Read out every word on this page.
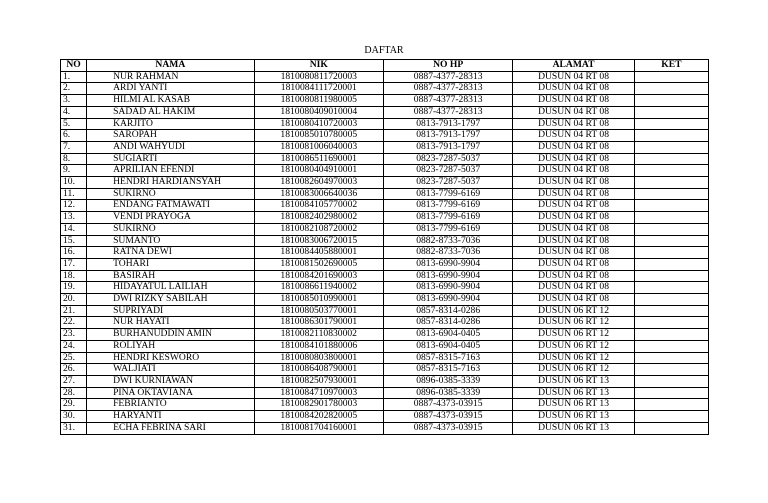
DAFTAR
NO	NAMA	NIK	NO HP	ALAMAT	KET
1.	NUR RAHMAN	1810080811720003	0887-4377-28313	DUSUN 04 RT 08	
2.	ARDI YANTI	1810084111720001	0887-4377-28313	DUSUN 04 RT 08	
3.	HILMI AL KASAB	1810080811980005	0887-4377-28313	DUSUN 04 RT 08	
4.	SADAD AL HAKIM	1810080409010004	0887-4377-28313	DUSUN 04 RT 08	
5.	KARJITO	1810080410720003	0813-7913-1797	DUSUN 04 RT 08	
6.	SAROPAH	1810085010780005	0813-7913-1797	DUSUN 04 RT 08	
7.	ANDI WAHYUDI	1810081006040003	0813-7913-1797	DUSUN 04 RT 08	
8.	SUGIARTI	1810086511690001	0823-7287-5037	DUSUN 04 RT 08	
9.	APRILIAN EFENDI	1810080404910001	0823-7287-5037	DUSUN 04 RT 08	
10.	HENDRI HARDIANSYAH	1810082604970003	0823-7287-5037	DUSUN 04 RT 08	
11.	SUKIRNO	1810083006640036	0813-7799-6169	DUSUN 04 RT 08	
12.	ENDANG FATMAWATI	1810084105770002	0813-7799-6169	DUSUN 04 RT 08	
13.	VENDI PRAYOGA	1810082402980002	0813-7799-6169	DUSUN 04 RT 08	
14.	SUKIRNO	1810082108720002	0813-7799-6169	DUSUN 04 RT 08	
15.	SUMANTO	1810083006720015	0882-8733-7036	DUSUN 04 RT 08	
16.	RATNA DEWI	1810084405880001	0882-8733-7036	DUSUN 04 RT 08	
17.	TOHARI	1810081502690005	0813-6990-9904	DUSUN 04 RT 08	
18.	BASIRAH	1810084201690003	0813-6990-9904	DUSUN 04 RT 08	
19.	HIDAYATUL LAILIAH	1810086611940002	0813-6990-9904	DUSUN 04 RT 08	
20.	DWI RIZKY SABILAH	1810085010990001	0813-6990-9904	DUSUN 04 RT 08	
21.	SUPRIYADI	1810080503770001	0857-8314-0286	DUSUN 06 RT 12	
22.	NUR HAYATI	1810086301790001	0857-8314-0286	DUSUN 06 RT 12	
23.	BURHANUDDIN AMIN	1810082110830002	0813-6904-0405	DUSUN 06 RT 12	
24.	ROLIYAH	1810084101880006	0813-6904-0405	DUSUN 06 RT 12	
25.	HENDRI KESWORO	1810080803800001	0857-8315-7163	DUSUN 06 RT 12	
26.	WALJIATI	1810086408790001	0857-8315-7163	DUSUN 06 RT 12	
27.	DWI KURNIAWAN	1810082507930001	0896-0385-3339	DUSUN 06 RT 13	
28.	PINA OKTAVIANA	1810084710970003	0896-0385-3339	DUSUN 06 RT 13	
29.	FEBRIANTO	1810082901780003	0887-4373-03915	DUSUN 06 RT 13	
30.	HARYANTI	1810084202820005	0887-4373-03915	DUSUN 06 RT 13	
31.	ECHA FEBRINA SARI	1810081704160001	0887-4373-03915	DUSUN 06 RT 13	
